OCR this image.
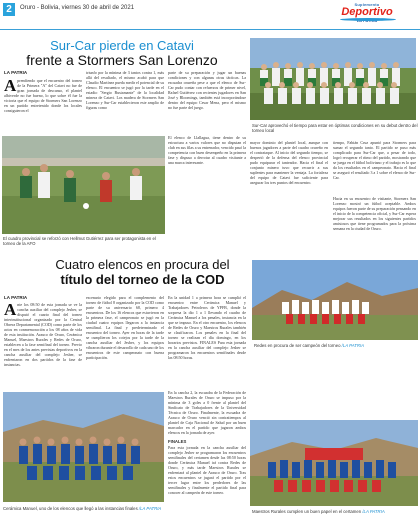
2	Oruro - Bolivia, viernes 30 de abril de 2021
Suplemento
Deportivo
Sur-Car pierde en Catavi
frente a Stormers San Lorenzo
LA PATRIA
A prendiendo que el encuentro del torneo de la Primera "A" del Catavi no fue de gran jornada de descanso, el plantel albiverde no fue bueno, lo que sobre él fue la victoria que el equipo de Stormers San Lorenzo en un partido entretenido donde los locales consiguieron el
triunfo por la mínima de 3 tantos contra 1, más allá del resultado, el mismo acabó para que Claudio Martínez pueda medir el potencial de su elenco. El encuentro se jugó por la tarde en el estadio "Sergio Bustamante" de la localidad minera de Catavi. Los madera de Stormers San Lorenzo y Sur-Car establecieron este amplio de figuras como
parte de su preparación y jugar un buenas condiciones y con algunas otras tácticas. La escuadra orureña pese a que el elenco de Sur-Car pudo contar con refuerzos de primer nivel, Rafael Gutiérrez con recientes jugadores en San José y Bloomings, también está incorporándose dentro del equipo Cesar Mena, pero el mismo no fue parte del juego.
El elenco de Llallagua, tiene dentro de su estructura a varios valores que no disputan el club en sus filas a su entrenador, vencido pasó la competencia con buen desempeño en la primera fase y dispuso a derrotar al cuadro visitante a una marca interesante.
mayor dominio del plantel local, aunque con buenos jugadores a parte del cuadro orureño en el contrataque. Al inicio del segundo tiempo, se despertó de la defensa del elenco provincial pudo equiparar el tanteador. Hacia el final el conjunto minero tuvo que recurrir a sus suplentes para mantener la ventaja. La fortaleza del equipo de Catavi fue suficiente para asegurar los tres puntos del encuentro.
tiempo, Fabián Cruz apuntó para Stormers para sumar el segundo tanto. El partido se puso más complicado para Sur-Car que, a pesar de todo, logró recuperar el ritmo del partido, mostrando que se juega en el fútbol boliviano y el trabajo es lo que da los resultados en el campeonato. Hacia el final se aseguró el resultado 3 a 1 sobre el elenco de Sur-Car.
Hacia en su encuentro de visitante, Stormers San Lorenzo mostró un fútbol aceptable. Ambos equipos fueron parte de su preparación pensando en el inicio de la competencia oficial, y Sur-Car espera mejorar sus resultados en los siguientes partidos amistosos que tiene programados para la próxima semana en la ciudad de Oruro.
Sur-Car aprovechó el tiempo para estar en óptimas condiciones en su debut dentro del torneo local
El cuadro provincial se reforzó con Hellmut Gutiérrez para ser protagonista en el torneo de la AFO
Cuatro elencos en procura del
título del torneo de la COD
LA PATRIA
A nte los 08:50 de esta jornada se ve la cancha auxiliar del complejo Jesber, se disputó el cuarto final del torneo interinstitucional organizado por la Central Obrera Departamental (COD) como parte de los actos en conmemoración a los 08 años de vida de esta institución. Arauco de Oruro, Cerámica Manuel, Maestros Rurales y Redes de Oruro, establecen a la fase semifinal del torneo. Previo en el mes de los antes previstas deportivos en la cancha auxiliar del complejo Jesber, se enfrentaron en dos partidos de la fase de instancias.
escenario elegido para el complemento del torneo de fútbol 8 organizado por la COD como parte de su aniversario 68, primero 4 encuentros. De los 16 elencos que estuvieron en la primera fase, el campeonato se jugó en la ciudad cuatro equipos llegaron a la instancia semifinal. La final y predeterminado el encuentro del torneo. Ayer en horas de la tarde se cumplieron los cotejos por la tarde de la cancha auxiliar del Jesber, y los equipos vibraron durante el desarrollo de cada uno de los encuentros de este campeonato con buena participación.
En la unidad 1 a primera hora se cumplió el encuentro entre Cerámica Manuel y Trabajadores Petroleros de YPFB, donde la sorpresa la dio 1 a 1 llevando el cuadro de Cerámica Manuel a los penales, instancia en la que se impuso. En el otro encuentro, los elencos de Redes de Oruro y Maestros Rurales también se clasificaron. Los penales en la final del torneo se realizan el día domingo, en los horarios previstos. FINALES Para esta jornada en la cancha auxiliar del complejo Jesber se programaron los encuentros semifinales desde las 08:50 horas.
En la cancha 2, la escuadra de la Federación de Maestros Rurales de Oruro se impuso por la mínima de 3 goles a 0 frente al plantel del Sindicato de Trabajadores de la Universidad Técnica de Oruro. Finalmente, la escuadra de Arauco de Oruro venció sin contratiempos al plantel de Caja Nacional de Salud por un buen marcador en el partido que jugaron ambos elencos en la jornada de ayer.
FINALES
Para esta jornada en la cancha auxiliar del complejo Jesber se programaron los encuentros semifinales del certamen desde las 08:50 horas donde Cerámica Manuel irá contra Redes de Oruro, y más tarde Maestros Rurales se enfrentará al plantel de Arauco de Oruro. Tras estos encuentros se jugará el partido por el tercer lugar entre los perdedores de las semifinales y finalmente el partido final para conocer al campeón de este torneo.
Redes en procura de ser campeón del torneo /LA PATRIA
Cerámica Manuel, uno de los elencos que llegó a las instancias finales /LA PATRIA
Maestros Rurales cumplen un buen papel en el certamen /LA PATRIA
